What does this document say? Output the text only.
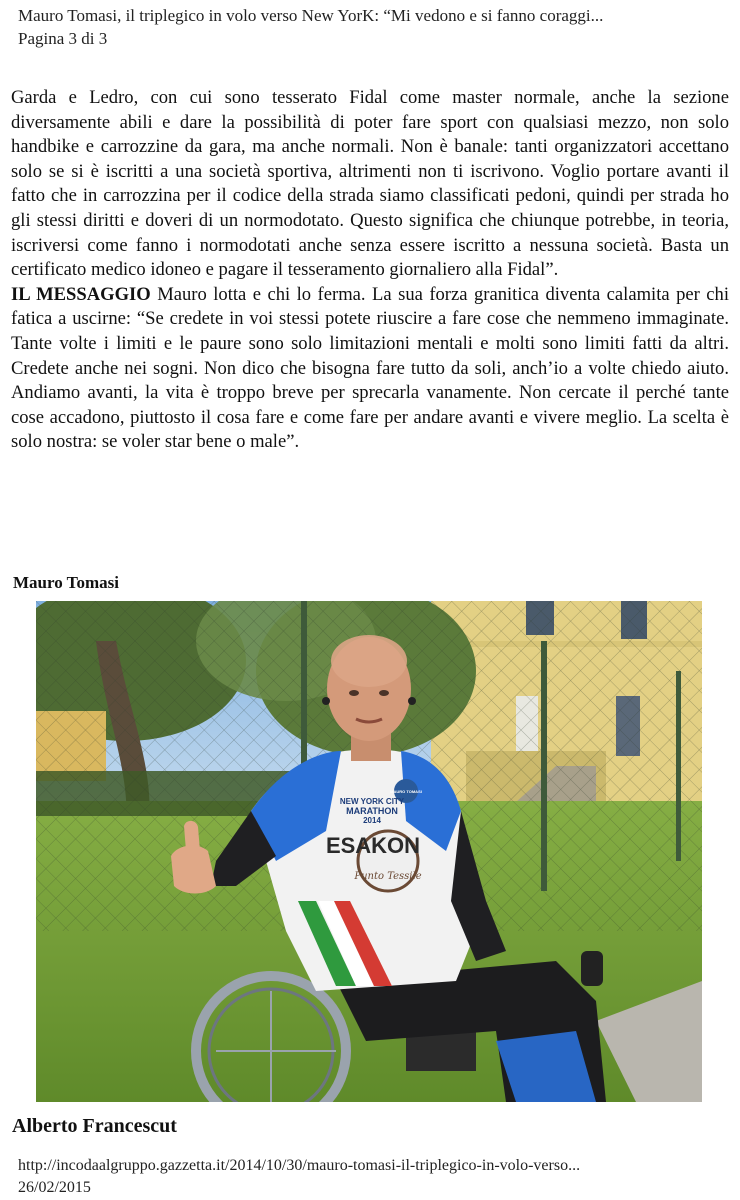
Mauro Tomasi, il triplegico in volo verso New YorK: “Mi vedono e si fanno coraggi...
Pagina 3 di 3

Garda e Ledro, con cui sono tesserato Fidal come master normale, anche la sezione diversamente abili e dare la possibilità di poter fare sport con qualsiasi mezzo, non solo handbike e carrozzine da gara, ma anche normali. Non è banale: tanti organizzatori accettano solo se si è iscritti a una società sportiva, altrimenti non ti iscrivono. Voglio portare avanti il fatto che in carrozzina per il codice della strada siamo classificati pedoni, quindi per strada ho gli stessi diritti e doveri di un normodotato. Questo significa che chiunque potrebbe, in teoria, iscriversi come fanno i normodotati anche senza essere iscritto a nessuna società. Basta un certificato medico idoneo e pagare il tesseramento giornaliero alla Fidal”.

IL MESSAGGIO Mauro lotta e chi lo ferma. La sua forza granitica diventa calamita per chi fatica a uscirne: “Se credete in voi stessi potete riuscire a fare cose che nemmeno immaginate. Tante volte i limiti e le paure sono solo limitazioni mentali e molti sono limiti fatti da altri. Credete anche nei sogni. Non dico che bisogna fare tutto da soli, anch’io a volte chiedo aiuto. Andiamo avanti, la vita è troppo breve per sprecarla vanamente. Non cercate il perché tante cose accadono, piuttosto il cosa fare e come fare per andare avanti e vivere meglio. La scelta è solo nostra: se voler star bene o male”.

Mauro Tomasi
NEW YORK CITY
MARATHON
2014
ESAKON
MAURO TOMASI
Punto Tessile
Alberto Francescut
http://incodaalgruppo.gazzetta.it/2014/10/30/mauro-tomasi-il-triplegico-in-volo-verso...
26/02/2015
